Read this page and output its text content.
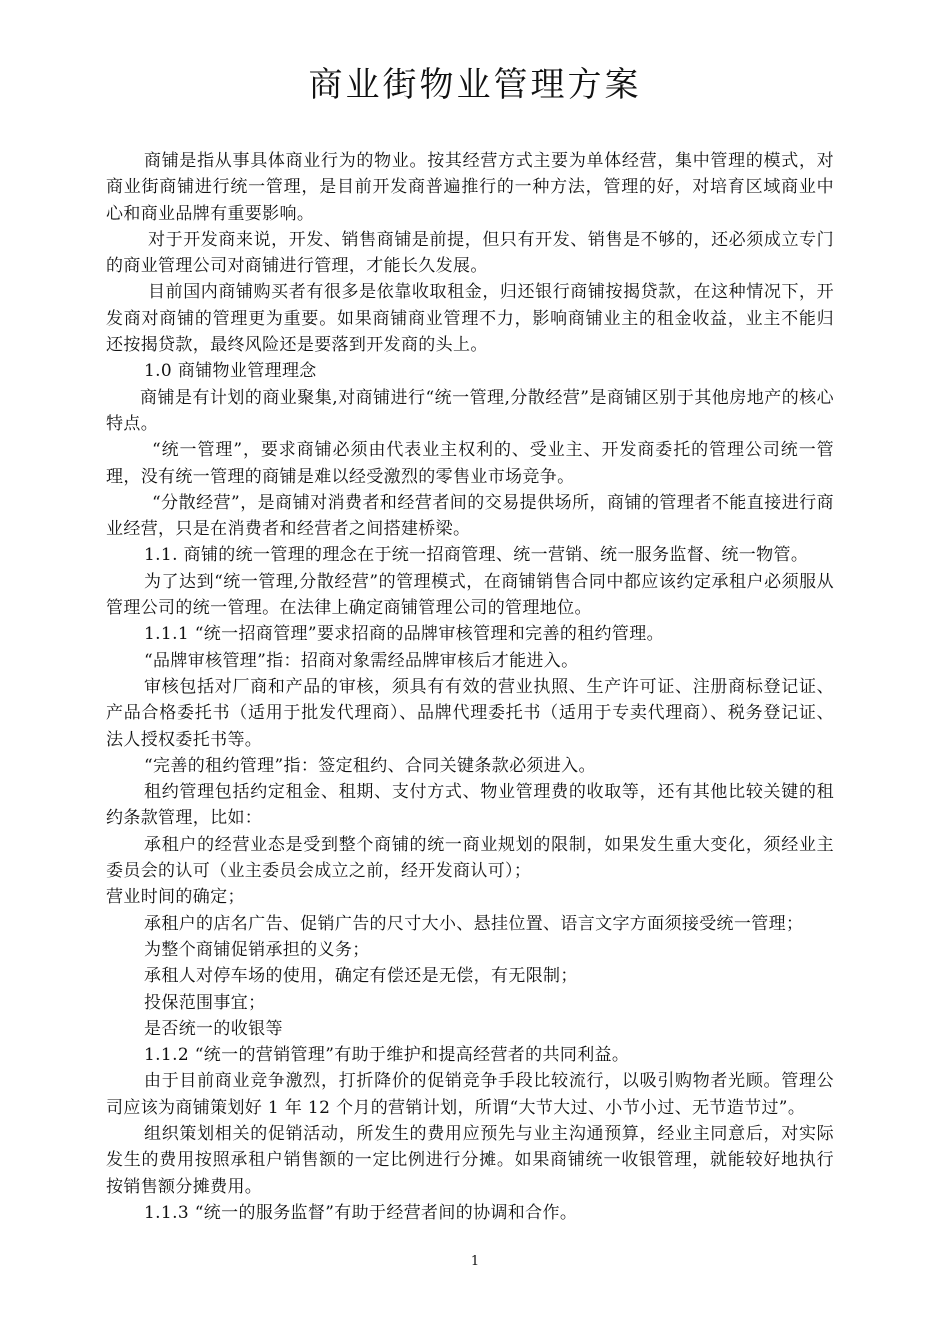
商业街物业管理方案

商铺是指从事具体商业行为的物业。按其经营方式主要为单体经营，集中管理的模式，对商业街商铺进行统一管理，是目前开发商普遍推行的一种方法，管理的好，对培育区域商业中心和商业品牌有重要影响。

对于开发商来说，开发、销售商铺是前提，但只有开发、销售是不够的，还必须成立专门的商业管理公司对商铺进行管理，才能长久发展。

目前国内商铺购买者有很多是依靠收取租金，归还银行商铺按揭贷款，在这种情况下，开发商对商铺的管理更为重要。如果商铺商业管理不力，影响商铺业主的租金收益，业主不能归还按揭贷款，最终风险还是要落到开发商的头上。

1.0 商铺物业管理理念

商铺是有计划的商业聚集,对商铺进行“统一管理,分散经营”是商铺区别于其他房地产的核心特点。

“统一管理”，要求商铺必须由代表业主权利的、受业主、开发商委托的管理公司统一管理，没有统一管理的商铺是难以经受激烈的零售业市场竞争。

“分散经营”，是商铺对消费者和经营者间的交易提供场所，商铺的管理者不能直接进行商业经营，只是在消费者和经营者之间搭建桥梁。

1.1. 商铺的统一管理的理念在于统一招商管理、统一营销、统一服务监督、统一物管。

为了达到“统一管理,分散经营”的管理模式，在商铺销售合同中都应该约定承租户必须服从管理公司的统一管理。在法律上确定商铺管理公司的管理地位。

1.1.1 “统一招商管理”要求招商的品牌审核管理和完善的租约管理。

“品牌审核管理”指：招商对象需经品牌审核后才能进入。

审核包括对厂商和产品的审核，须具有有效的营业执照、生产许可证、注册商标登记证、产品合格委托书（适用于批发代理商）、品牌代理委托书（适用于专卖代理商）、税务登记证、法人授权委托书等。

“完善的租约管理”指：签定租约、合同关键条款必须进入。

租约管理包括约定租金、租期、支付方式、物业管理费的收取等，还有其他比较关键的租约条款管理，比如：

承租户的经营业态是受到整个商铺的统一商业规划的限制，如果发生重大变化，须经业主委员会的认可（业主委员会成立之前，经开发商认可）；

营业时间的确定；

承租户的店名广告、促销广告的尺寸大小、悬挂位置、语言文字方面须接受统一管理；

为整个商铺促销承担的义务；

承租人对停车场的使用，确定有偿还是无偿，有无限制；

投保范围事宜；

是否统一的收银等

1.1.2 “统一的营销管理”有助于维护和提高经营者的共同利益。

由于目前商业竞争激烈，打折降价的促销竞争手段比较流行，以吸引购物者光顾。管理公司应该为商铺策划好 1 年 12 个月的营销计划，所谓“大节大过、小节小过、无节造节过”。

组织策划相关的促销活动，所发生的费用应预先与业主沟通预算，经业主同意后，对实际发生的费用按照承租户销售额的一定比例进行分摊。如果商铺统一收银管理，就能较好地执行按销售额分摊费用。

1.1.3 “统一的服务监督”有助于经营者间的协调和合作。

1
